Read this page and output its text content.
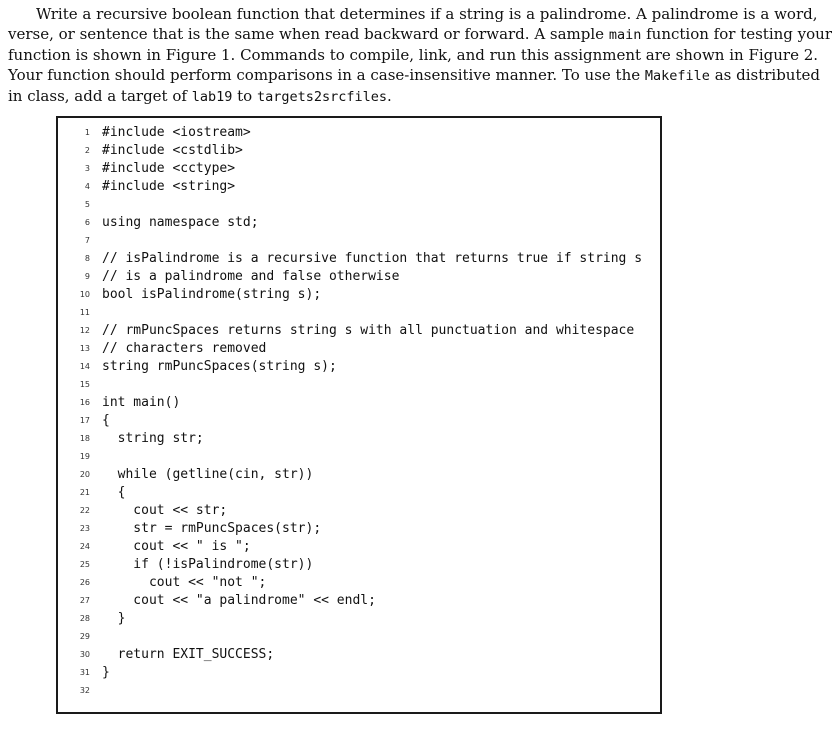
Write a recursive boolean function that determines if a string is a palindrome. A palindrome is a word,
verse, or sentence that is the same when read backward or forward. A sample main function for testing your
function is shown in Figure 1. Commands to compile, link, and run this assignment are shown in Figure 2.
Your function should perform comparisons in a case-insensitive manner. To use the Makefile as distributed
in class, add a target of lab19 to targets2srcfiles.
1 #include <iostream>
2 #include <cstdlib>
3 #include <cctype>
4 #include <string>
5
6 using namespace std;
7
8 // isPalindrome is a recursive function that returns true if string s
9 // is a palindrome and false otherwise
10 bool isPalindrome(string s);
11
12 // rmPuncSpaces returns string s with all punctuation and whitespace
13 // characters removed
14 string rmPuncSpaces(string s);
15
16 int main()
17 {
18 string str;
19
20 while (getline(cin, str))
21 {
22 cout << str;
23 str = rmPuncSpaces(str);
24 cout << " is ";
25 if (!isPalindrome(str))
26 cout << "not ";
27 cout << "a palindrome" << endl;
28 }
29
30 return EXIT_SUCCESS;
31 }
32
